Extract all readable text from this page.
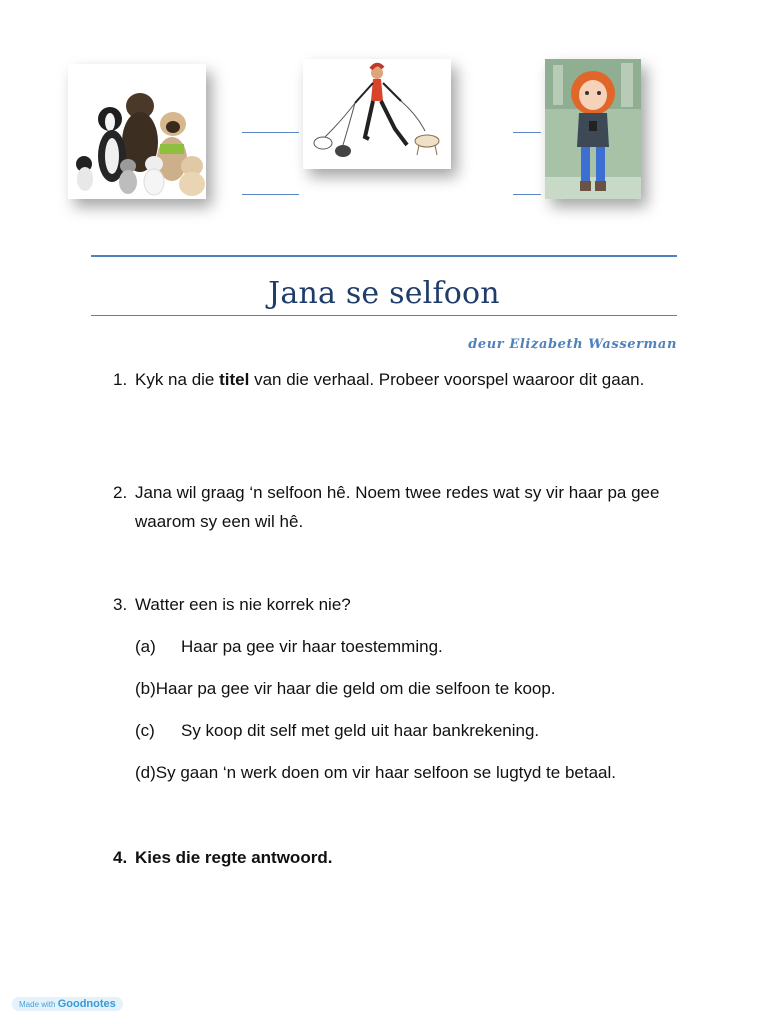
Jana se selfoon
deur Elizabeth Wasserman
1. Kyk na die titel van die verhaal. Probeer voorspel waaroor dit gaan.
2. Jana wil graag ‘n selfoon hê. Noem twee redes wat sy vir haar pa gee waarom sy een wil hê.
3. Watter een is nie korrek nie?
(a) Haar pa gee vir haar toestemming.
(b)Haar pa gee vir haar die geld om die selfoon te koop.
(c) Sy koop dit self met geld uit haar bankrekening.
(d)Sy gaan ‘n werk doen om vir haar selfoon se lugtyd te betaal.
4. Kies die regte antwoord.
Made with Goodnotes
